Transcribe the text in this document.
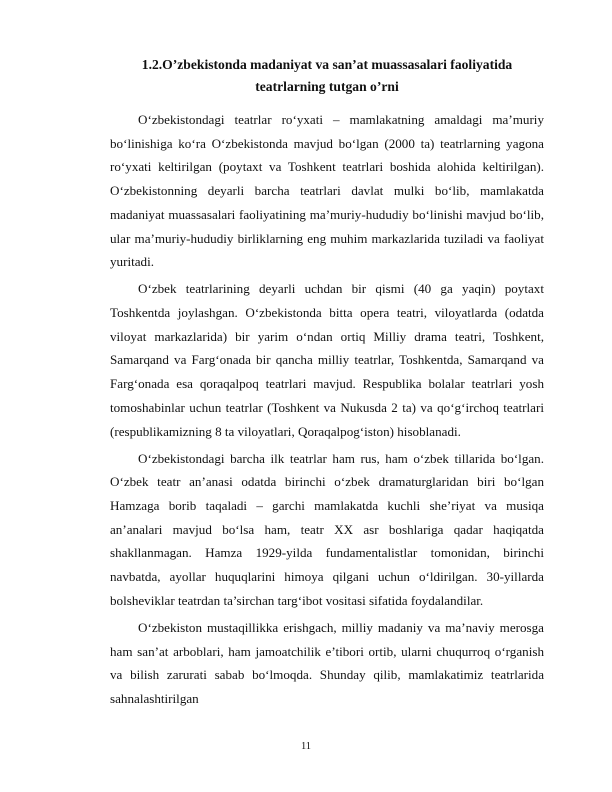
1.2.O’zbekistonda madaniyat va san’at muassasalari faoliyatida teatrlarning tutgan o’rni

O‘zbekistondagi teatrlar ro‘yxati – mamlakatning amaldagi ma’muriy bo‘linishiga ko‘ra O‘zbekistonda mavjud bo‘lgan (2000 ta) teatrlarning yagona ro‘yxati keltirilgan (poytaxt va Toshkent teatrlari boshida alohida keltirilgan). O‘zbekistonning deyarli barcha teatrlari davlat mulki bo‘lib, mamlakatda madaniyat muassasalari faoliyatining ma’muriy-hududiy bo‘linishi mavjud bo‘lib, ular ma’muriy-hududiy birliklarning eng muhim markazlarida tuziladi va faoliyat yuritadi.

O‘zbek teatrlarining deyarli uchdan bir qismi (40 ga yaqin) poytaxt Toshkentda joylashgan. O‘zbekistonda bitta opera teatri, viloyatlarda (odatda viloyat markazlarida) bir yarim o‘ndan ortiq Milliy drama teatri, Toshkent, Samarqand va Farg‘onada bir qancha milliy teatrlar, Toshkentda, Samarqand va Farg‘onada esa qoraqalpoq teatrlari mavjud. Respublika bolalar teatrlari yosh tomoshabinlar uchun teatrlar (Toshkent va Nukusda 2 ta) va qo‘g‘irchoq teatrlari (respublikamizning 8 ta viloyatlari, Qoraqalpog‘iston) hisoblanadi.

O‘zbekistondagi barcha ilk teatrlar ham rus, ham o‘zbek tillarida bo‘lgan. O‘zbek teatr an’anasi odatda birinchi o‘zbek dramaturglaridan biri bo‘lgan Hamzaga borib taqaladi – garchi mamlakatda kuchli she’riyat va musiqa an’analari mavjud bo‘lsa ham, teatr XX asr boshlariga qadar haqiqatda shakllanmagan. Hamza 1929-yilda fundamentalistlar tomonidan, birinchi navbatda, ayollar huquqlarini himoya qilgani uchun o‘ldirilgan. 30-yillarda bolsheviklar teatrdan ta’sirchan targ‘ibot vositasi sifatida foydalandilar.

O‘zbekiston mustaqillikka erishgach, milliy madaniy va ma’naviy merosga ham san’at arboblari, ham jamoatchilik e’tibori ortib, ularni chuqurroq o‘rganish va bilish zarurati sabab bo‘lmoqda. Shunday qilib, mamlakatimiz teatrlarida sahnalashtirilgan

11
